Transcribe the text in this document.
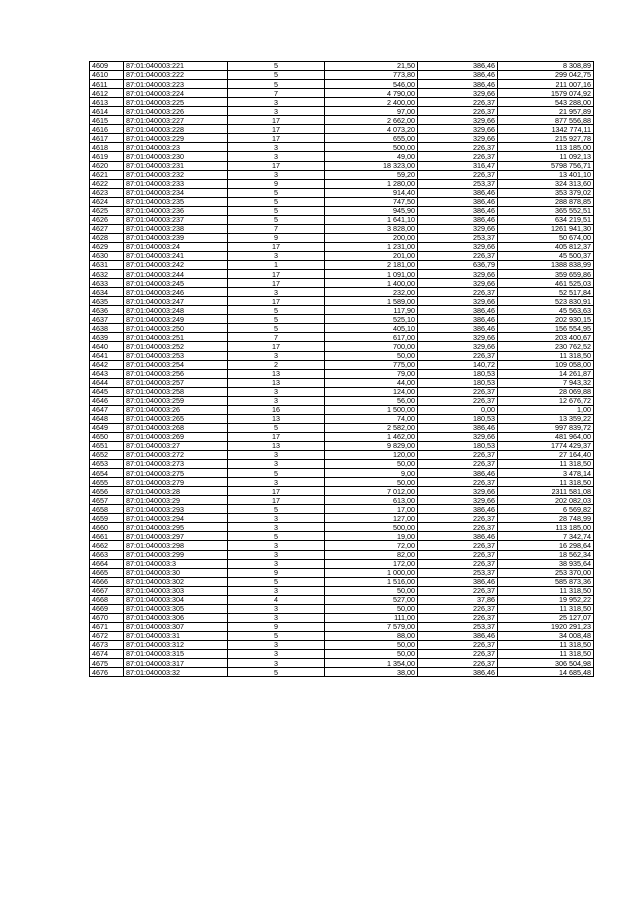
4609	87:01:040003:221	5	21,50	386,46	8 308,89
4610	87:01:040003:222	5	773,80	386,46	299 042,75
4611	87:01:040003:223	5	546,00	386,46	211 007,16
4612	87:01:040003:224	7	4 790,00	329,66	1579 074,92
4613	87:01:040003:225	3	2 400,00	226,37	543 288,00
4614	87:01:040003:226	3	97,00	226,37	21 957,89
4615	87:01:040003:227	17	2 662,00	329,66	877 556,88
4616	87:01:040003:228	17	4 073,20	329,66	1342 774,11
4617	87:01:040003:229	17	655,00	329,66	215 927,78
4618	87:01:040003:23	3	500,00	226,37	113 185,00
4619	87:01:040003:230	3	49,00	226,37	11 092,13
4620	87:01:040003:231	17	18 323,00	316,47	5798 756,71
4621	87:01:040003:232	3	59,20	226,37	13 401,10
4622	87:01:040003:233	9	1 280,00	253,37	324 313,60
4623	87:01:040003:234	5	914,40	386,46	353 379,02
4624	87:01:040003:235	5	747,50	386,46	288 878,85
4625	87:01:040003:236	5	945,90	386,46	365 552,51
4626	87:01:040003:237	5	1 641,10	386,46	634 219,51
4627	87:01:040003:238	7	3 828,00	329,66	1261 941,30
4628	87:01:040003:239	9	200,00	253,37	50 674,00
4629	87:01:040003:24	17	1 231,00	329,66	405 812,37
4630	87:01:040003:241	3	201,00	226,37	45 500,37
4631	87:01:040003:242	1	2 181,00	636,79	1388 838,99
4632	87:01:040003:244	17	1 091,00	329,66	359 659,86
4633	87:01:040003:245	17	1 400,00	329,66	461 525,03
4634	87:01:040003:246	3	232,00	226,37	52 517,84
4635	87:01:040003:247	17	1 589,00	329,66	523 830,91
4636	87:01:040003:248	5	117,90	386,46	45 563,63
4637	87:01:040003:249	5	525,10	386,46	202 930,15
4638	87:01:040003:250	5	405,10	386,46	156 554,95
4639	87:01:040003:251	7	617,00	329,66	203 400,67
4640	87:01:040003:252	17	700,00	329,66	230 762,52
4641	87:01:040003:253	3	50,00	226,37	11 318,50
4642	87:01:040003:254	2	775,00	140,72	109 058,00
4643	87:01:040003:256	13	79,00	180,53	14 261,87
4644	87:01:040003:257	13	44,00	180,53	7 943,32
4645	87:01:040003:258	3	124,00	226,37	28 069,88
4646	87:01:040003:259	3	56,00	226,37	12 676,72
4647	87:01:040003:26	16	1 500,00	0,00	1,00
4648	87:01:040003:265	13	74,00	180,53	13 359,22
4649	87:01:040003:268	5	2 582,00	386,46	997 839,72
4650	87:01:040003:269	17	1 462,00	329,66	481 964,00
4651	87:01:040003:27	13	9 829,00	180,53	1774 429,37
4652	87:01:040003:272	3	120,00	226,37	27 164,40
4653	87:01:040003:273	3	50,00	226,37	11 318,50
4654	87:01:040003:275	5	9,00	386,46	3 478,14
4655	87:01:040003:279	3	50,00	226,37	11 318,50
4656	87:01:040003:28	17	7 012,00	329,66	2311 581,08
4657	87:01:040003:29	17	613,00	329,66	202 082,03
4658	87:01:040003:293	5	17,00	386,46	6 569,82
4659	87:01:040003:294	3	127,00	226,37	28 748,99
4660	87:01:040003:295	3	500,00	226,37	113 185,00
4661	87:01:040003:297	5	19,00	386,46	7 342,74
4662	87:01:040003:298	3	72,00	226,37	16 298,64
4663	87:01:040003:299	3	82,00	226,37	18 562,34
4664	87:01:040003:3	3	172,00	226,37	38 935,64
4665	87:01:040003:30	9	1 000,00	253,37	253 370,00
4666	87:01:040003:302	5	1 516,00	386,46	585 873,36
4667	87:01:040003:303	3	50,00	226,37	11 318,50
4668	87:01:040003:304	4	527,00	37,86	19 952,22
4669	87:01:040003:305	3	50,00	226,37	11 318,50
4670	87:01:040003:306	3	111,00	226,37	25 127,07
4671	87:01:040003:307	9	7 579,00	253,37	1920 291,23
4672	87:01:040003:31	5	88,00	386,46	34 008,48
4673	87:01:040003:312	3	50,00	226,37	11 318,50
4674	87:01:040003:315	3	50,00	226,37	11 318,50
4675	87:01:040003:317	3	1 354,00	226,37	306 504,98
4676	87:01:040003:32	5	38,00	386,46	14 685,48
